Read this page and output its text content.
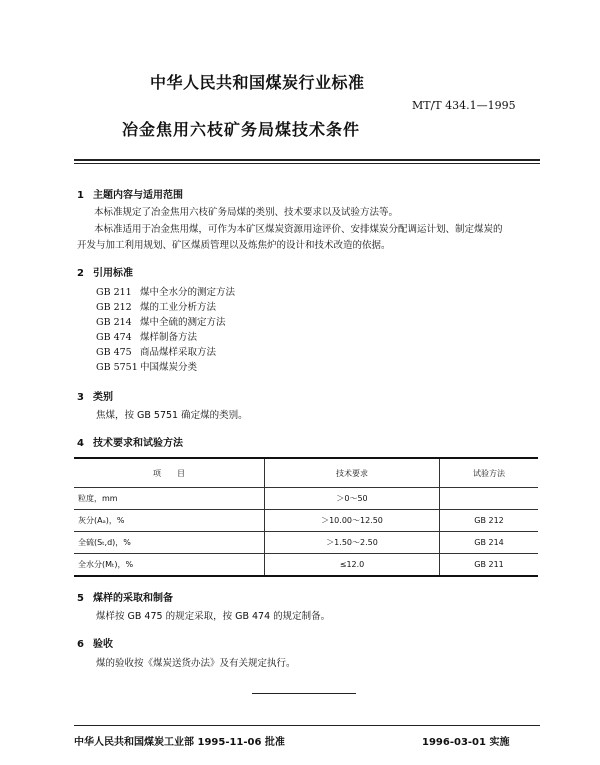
中华人民共和国煤炭行业标准
MT/T 434.1—1995
冶金焦用六枝矿务局煤技术条件
1 主题内容与适用范围
本标准规定了冶金焦用六枝矿务局煤的类别、技术要求以及试验方法等。
本标准适用于冶金焦用煤，可作为本矿区煤炭资源用途评价、安排煤炭分配调运计划、制定煤炭的
开发与加工利用规划、矿区煤质管理以及炼焦炉的设计和技术改造的依据。
2 引用标准
GB 211 煤中全水分的测定方法
GB 212 煤的工业分析方法
GB 214 煤中全硫的测定方法
GB 474 煤样制备方法
GB 475 商品煤样采取方法
GB 5751 中国煤炭分类
3 类别
焦煤，按 GB 5751 确定煤的类别。
4 技术要求和试验方法
项　　目	技术要求	试验方法
粒度，mm	＞0～50	
灰分(Aₐ)，%	＞10.00～12.50	GB 212
全硫(Sₜ,d)，%	＞1.50～2.50	GB 214
全水分(Mₜ)，%	≤12.0	GB 211
5 煤样的采取和制备
煤样按 GB 475 的规定采取，按 GB 474 的规定制备。
6 验收
煤的验收按《煤炭送货办法》及有关规定执行。
中华人民共和国煤炭工业部 1995-11-06 批准	1996-03-01 实施
